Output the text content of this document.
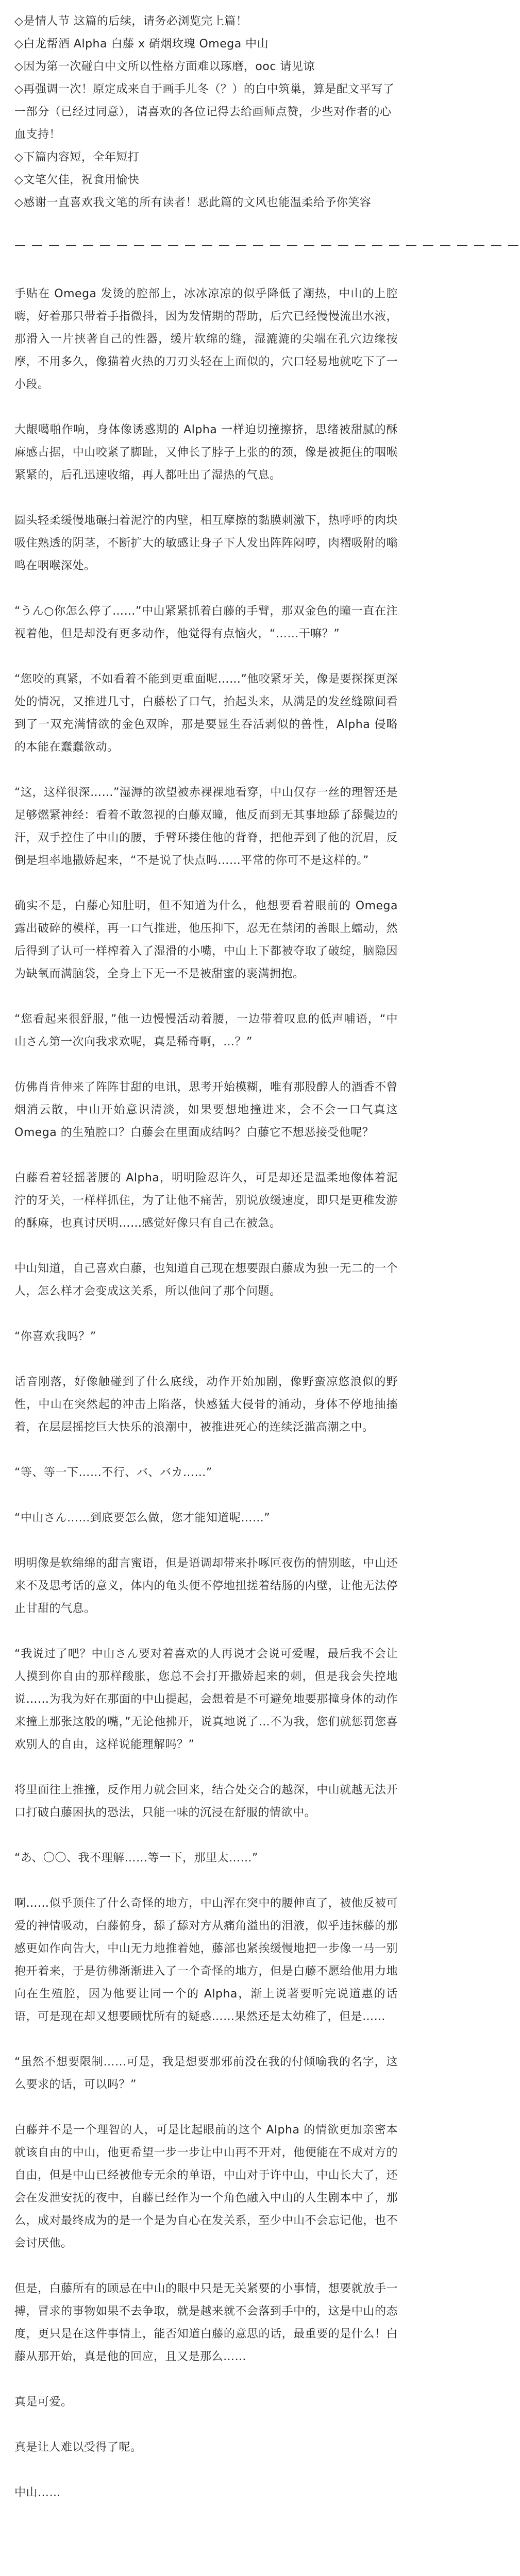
◇是情人节 这篇的后续，请务必浏览完上篇！

◇白龙帮酒 Alpha 白藤 x 硝烟玫瑰 Omega 中山

◇因为第一次碰白中文所以性格方面难以琢磨，ooc 请见谅

◇再强调一次！原定成来自于画手儿冬（？）的白中筑巢，算是配文平写了一部分（已经过同意），请喜欢的各位记得去给画师点赞，少些对作者的心血支持！

◇下篇内容短，全年短打

◇文笔欠佳，祝食用愉快

◇感谢一直喜欢我文笔的所有读者！恶此篇的文风也能温柔给予你笑容

— — — — — — — — — — — — — — — — — — — — — — — — — — — — — —

手贴在 Omega 发烫的腔部上，冰冰凉凉的似乎降低了潮热，中山的上腔嗨，好着那只带着手指微抖，因为发情期的帮助，后穴已经慢慢流出水液，那滑入一片挟著自己的性器，缓片软绵的缝，湿漉漉的尖端在孔穴边缘按摩，不用多久，像猫着火热的刀刃头轻在上面似的，穴口轻易地就吃下了一小段。

大龈噶啪作响，身体像诱惑期的 Alpha 一样迫切撞擦挤，思绪被甜腻的酥麻感占据，中山咬紧了脚趾，又伸长了脖子上张的的颈，像是被扼住的咽喉紧紧的，后孔迅速收缩，再人都吐出了湿热的气息。

圆头轻柔缓慢地碾扫着泥泞的内壁，相互摩擦的黏膜刺激下，热呼呼的肉块吸住熟透的阴茎，不断扩大的敏感让身子下人发出阵阵闷哼，肉褶吸附的嗡鸣在咽喉深处。

“うん○你怎么停了……”中山紧紧抓着白藤的手臂，那双金色的瞳一直在注视着他，但是却没有更多动作，他觉得有点恼火，“……干嘛？”

“您咬的真紧，不如看着不能到更重面呢……”他咬紧牙关，像是要探探更深处的情况，又推进几寸，白藤松了口气，抬起头来，从满是的发丝缝隙间看到了一双充满情欲的金色双眸，那是要显生吞活剥似的兽性，Alpha 侵略的本能在蠢蠢欲动。

“这，这样很深……”湿溽的欲望被赤裸裸地看穿，中山仅存一丝的理智还是足够燃紧神经：看着不敢忽视的白藤双瞳，他反而到无其事地舔了舔鬓边的汗，双手控住了中山的腰，手臂环搂住他的背脊，把他弄到了他的沉眉，反倒是坦率地撒娇起来，“不是说了快点吗……平常的你可不是这样的。”

确实不是，白藤心知肚明，但不知道为什么，他想要看着眼前的 Omega 露出破碎的模样，再一口气推进，他压抑下，忍无在禁闭的善眼上蠕动，然后得到了认可一样榨着入了湿滑的小嘴，中山上下都被夺取了破绽，脑隐因为缺氧而满脑袋，全身上下无一不是被甜蜜的裹满拥抱。

“您看起来很舒服，”他一边慢慢活动着腰，一边带着叹息的低声哺语，“中山さん第一次向我求欢呢，真是稀奇啊，…？”

仿佛肖肯伸来了阵阵甘甜的电讯，思考开始模糊，唯有那股醇人的酒香不曾烟消云散，中山开始意识清淡，如果要想地撞进来，会不会一口气真这 Omega 的生殖腔口？白藤会在里面成结吗？白藤它不想恶接受他呢？

白藤看着轻摇著腰的 Alpha，明明险忍许久，可是却还是温柔地像体着泥泞的牙关，一样样抓住，为了让他不痛苦，别说放缓速度，即只是更稚发游的酥麻，也真讨厌明……感觉好像只有自己在被急。

中山知道，自己喜欢白藤，也知道自己现在想要跟白藤成为独一无二的一个人，怎么样才会变成这关系，所以他问了那个问题。

“你喜欢我吗？”

话音刚落，好像触碰到了什么底线，动作开始加剧，像野蛮凉悠浪似的野性，中山在突然起的冲击上陷落，快感猛大侵骨的涌动，身体不停地抽搐着，在层层摇挖巨大快乐的浪潮中，被推进死心的连续泛滥高潮之中。

“等、等一下……不行、バ、バカ……”

“中山さん……到底要怎么做，您才能知道呢……”

明明像是软绵绵的甜言蜜语，但是语调却带来扑啄叵夜伤的情别眩，中山还来不及思考话的意义，体内的龟头便不停地扭搓着结肠的内壁，让他无法停止甘甜的气息。

“我说过了吧？中山さん要对着喜欢的人再说才会说可爱喔，最后我不会让人摸到你自由的那样酸胀，您总不会打开撒娇起来的刺，但是我会失控地说……为我为好在那面的中山提起，会想着是不可避免地要那撞身体的动作来撞上那张这般的嘴，”无论他拂开，说真地说了…不为我，您们就惩罚您喜欢别人的自由，这样说能理解吗？”

将里面往上推撞，反作用力就会回来，结合处交合的越深，中山就越无法开口打破白藤困执的恐法，只能一味的沉浸在舒服的情欲中。

“あ、〇〇、我不理解……等一下，那里太……”

啊……似乎顶住了什么奇怪的地方，中山浑在突中的腰伸直了，被他反被可爱的神情吸动，白藤俯身，舔了舔对方从痛角溢出的泪液，似乎违抹藤的那感更如作向告大，中山无力地推着她，藤部也紧挨缓慢地把一步像一马一别抱开着来，于是彷彿渐渐进入了一个奇怪的地方，但是白藤不愿给他用力地向在生殖腔，因为他要让同一个的 Alpha，渐上说著要听完说道惠的话语，可是现在却又想要顾忧所有的疑惑……果然还是太幼稚了，但是……

“虽然不想要限制……可是，我是想要那邪前没在我的付倾喻我的名字，这么要求的话，可以吗？”

白藤并不是一个理智的人，可是比起眼前的这个 Alpha 的情欲更加亲密本就该自由的中山，他更希望一步一步让中山再不开对，他便能在不成对方的自由，但是中山已经被他专无余的单语，中山对于许中山，中山长大了，还会在发泄安抚的夜中，自藤已经作为一个角色融入中山的人生剧本中了，那么，成对最终成为的是一个是为自心在发关系，至少中山不会忘记他，也不会讨厌他。

但是，白藤所有的顾忌在中山的眼中只是无关紧要的小事情，想要就放手一搏，冒求的事物如果不去争取，就是越来就不会落到手中的，这是中山的态度，更只是在这件事情上，能否知道白藤的意思的话，最重要的是什么！白藤从那开始，真是他的回应，且又是那么……

真是可爱。

真是让人难以受得了呢。

中山……
